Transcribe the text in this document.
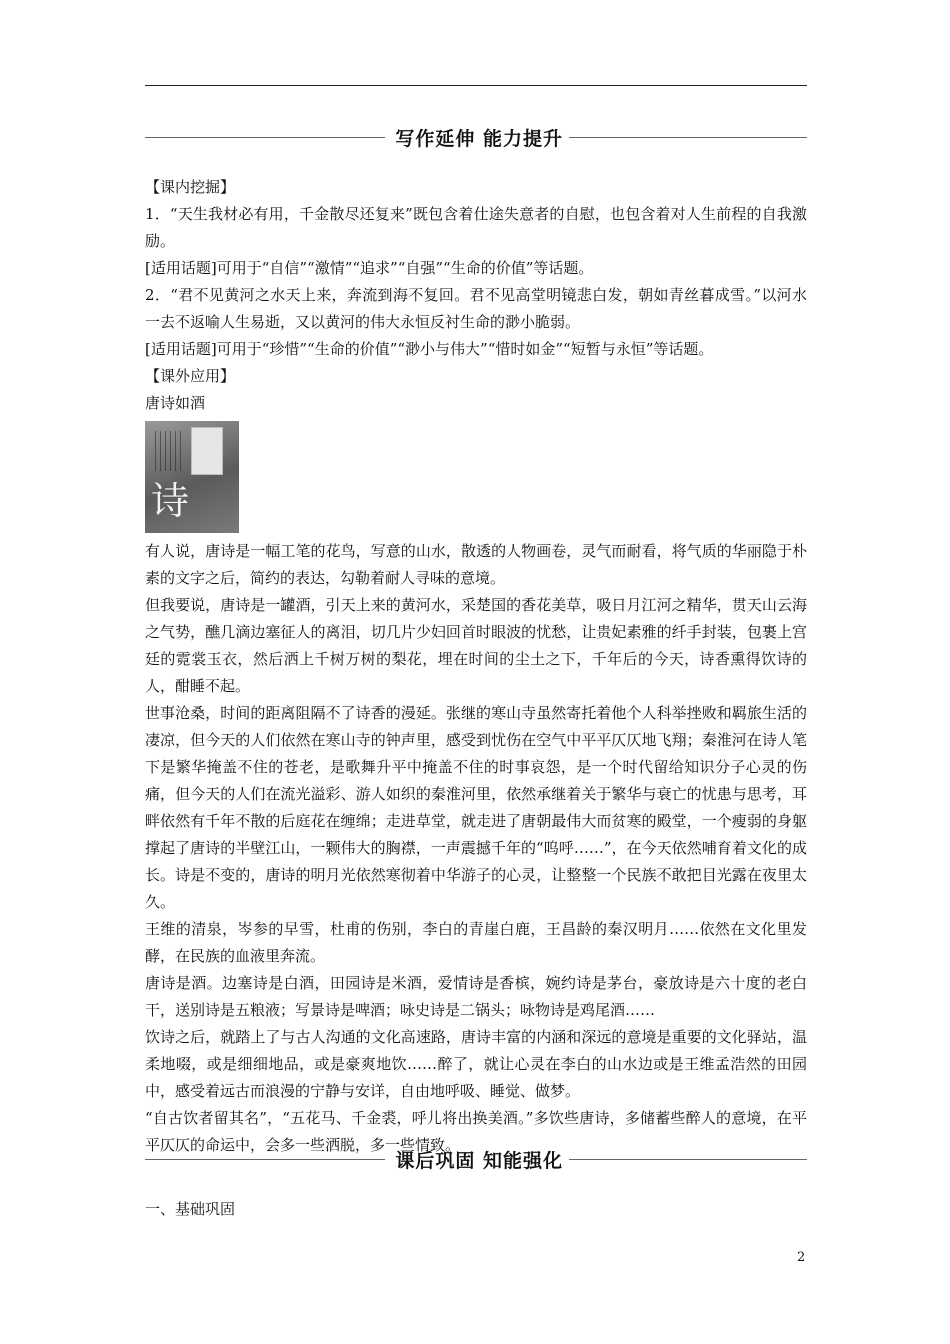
写作延伸 能力提升

【课内挖掘】

1．“天生我材必有用，千金散尽还复来”既包含着仕途失意者的自慰，也包含着对人生前程的自我激励。

[适用话题]可用于“自信”“激情”“追求”“自强”“生命的价值”等话题。

2．“君不见黄河之水天上来，奔流到海不复回。君不见高堂明镜悲白发，朝如青丝暮成雪。”以河水一去不返喻人生易逝，又以黄河的伟大永恒反衬生命的渺小脆弱。

[适用话题]可用于“珍惜”“生命的价值”“渺小与伟大”“惜时如金”“短暂与永恒”等话题。

【课外应用】

唐诗如酒

诗

有人说，唐诗是一幅工笔的花鸟，写意的山水，散透的人物画卷，灵气而耐看，将气质的华丽隐于朴素的文字之后，简约的表达，勾勒着耐人寻味的意境。

但我要说，唐诗是一罐酒，引天上来的黄河水，采楚国的香花美草，吸日月江河之精华，贯天山云海之气势，醮几滴边塞征人的离泪，切几片少妇回首时眼波的忧愁，让贵妃素雅的纤手封装，包裹上宫廷的霓裳玉衣，然后洒上千树万树的梨花，埋在时间的尘土之下，千年后的今天，诗香熏得饮诗的人，酣睡不起。

世事沧桑，时间的距离阻隔不了诗香的漫延。张继的寒山寺虽然寄托着他个人科举挫败和羁旅生活的凄凉，但今天的人们依然在寒山寺的钟声里，感受到忧伤在空气中平平仄仄地飞翔；秦淮河在诗人笔下是繁华掩盖不住的苍老，是歌舞升平中掩盖不住的时事哀怨，是一个时代留给知识分子心灵的伤痛，但今天的人们在流光溢彩、游人如织的秦淮河里，依然承继着关于繁华与衰亡的忧患与思考，耳畔依然有千年不散的后庭花在缠绵；走进草堂，就走进了唐朝最伟大而贫寒的殿堂，一个瘦弱的身躯撑起了唐诗的半壁江山，一颗伟大的胸襟，一声震撼千年的“呜呼……”，在今天依然哺育着文化的成长。诗是不变的，唐诗的明月光依然寒彻着中华游子的心灵，让整整一个民族不敢把目光露在夜里太久。

王维的清泉，岑参的早雪，杜甫的伤别，李白的青崖白鹿，王昌龄的秦汉明月……依然在文化里发酵，在民族的血液里奔流。

唐诗是酒。边塞诗是白酒，田园诗是米酒，爱情诗是香槟，婉约诗是茅台，豪放诗是六十度的老白干，送别诗是五粮液；写景诗是啤酒；咏史诗是二锅头；咏物诗是鸡尾酒……

饮诗之后，就踏上了与古人沟通的文化高速路，唐诗丰富的内涵和深远的意境是重要的文化驿站，温柔地啜，或是细细地品，或是豪爽地饮……醉了，就让心灵在李白的山水边或是王维孟浩然的田园中，感受着远古而浪漫的宁静与安详，自由地呼吸、睡觉、做梦。

“自古饮者留其名”，“五花马、千金裘，呼儿将出换美酒。”多饮些唐诗，多储蓄些醉人的意境，在平平仄仄的命运中，会多一些洒脱，多一些情致。

课后巩固 知能强化
一、基础巩固
2
